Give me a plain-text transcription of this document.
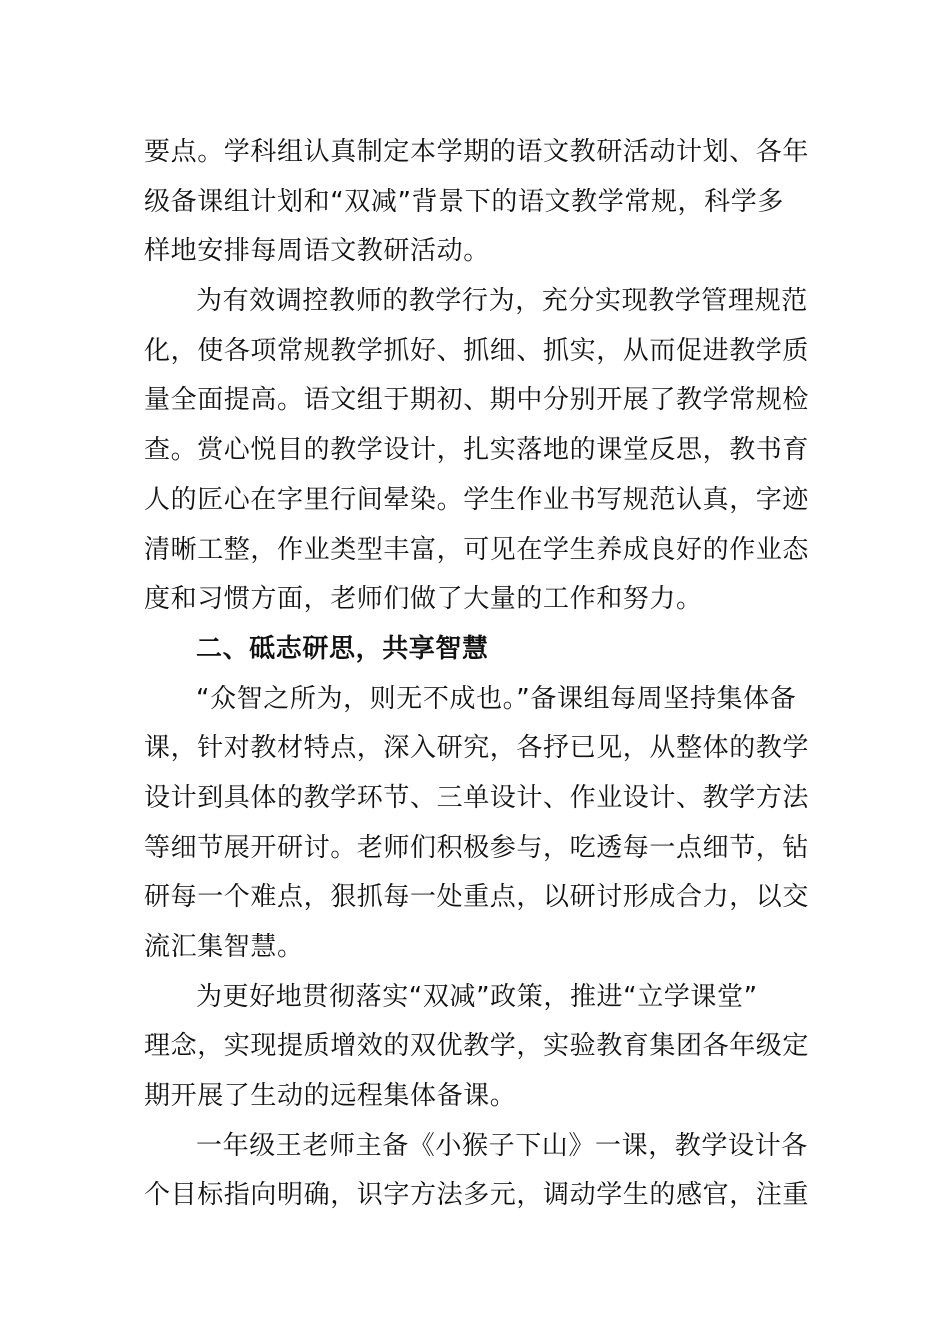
要点。学科组认真制定本学期的语文教研活动计划、各年
级备课组计划和“双减”背景下的语文教学常规，科学多
样地安排每周语文教研活动。
为有效调控教师的教学行为，充分实现教学管理规范
化，使各项常规教学抓好、抓细、抓实，从而促进教学质
量全面提高。语文组于期初、期中分别开展了教学常规检
查。赏心悦目的教学设计，扎实落地的课堂反思，教书育
人的匠心在字里行间晕染。学生作业书写规范认真，字迹
清晰工整，作业类型丰富，可见在学生养成良好的作业态
度和习惯方面，老师们做了大量的工作和努力。
二、砥志研思，共享智慧
“众智之所为，则无不成也。”备课组每周坚持集体备
课，针对教材特点，深入研究，各抒已见，从整体的教学
设计到具体的教学环节、三单设计、作业设计、教学方法
等细节展开研讨。老师们积极参与，吃透每一点细节，钻
研每一个难点，狠抓每一处重点，以研讨形成合力，以交
流汇集智慧。
为更好地贯彻落实“双减”政策，推进“立学课堂”
理念，实现提质增效的双优教学，实验教育集团各年级定
期开展了生动的远程集体备课。
一年级王老师主备《小猴子下山》一课，教学设计各
个目标指向明确，识字方法多元，调动学生的感官，注重
